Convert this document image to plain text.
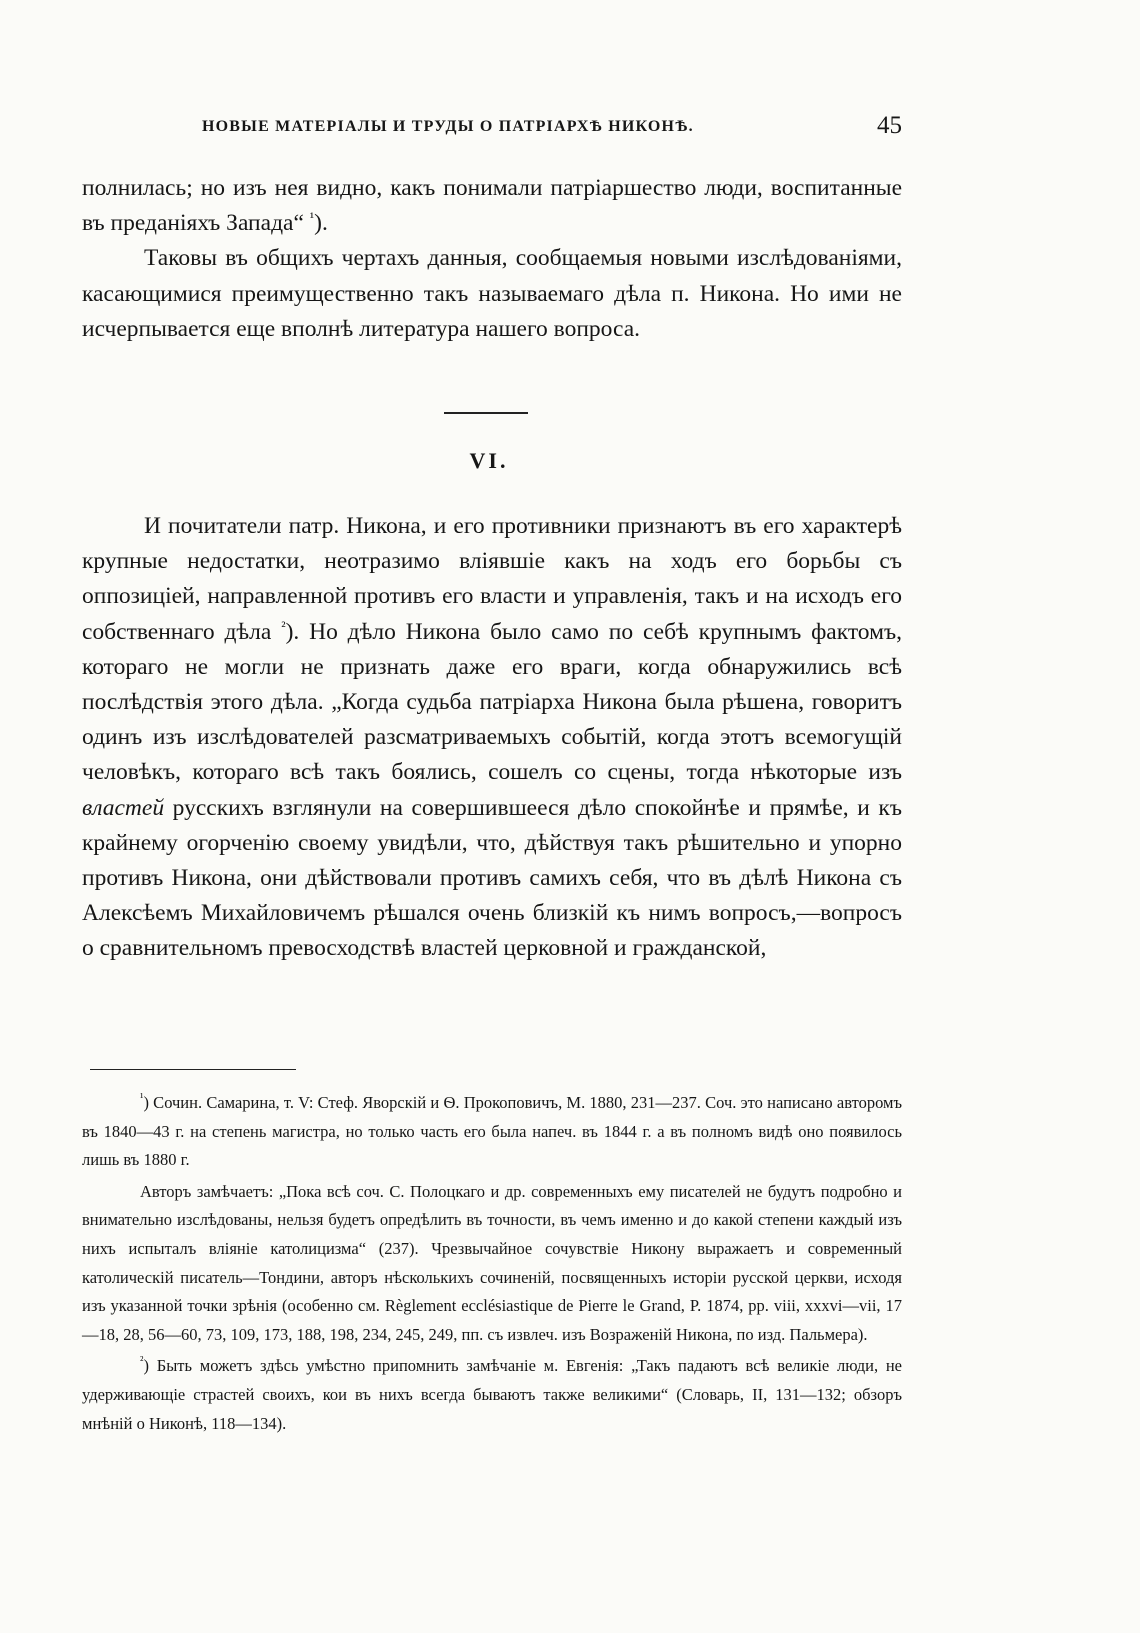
НОВЫЕ МАТЕРІАЛЫ И ТРУДЫ О ПАТРІАРХѢ НИКОНѢ.	45

полнилась; но изъ нея видно, какъ понимали патріаршество люди, воспитанные въ преданіяхъ Запада“ $^{^1}$).

Таковы въ общихъ чертахъ данныя, сообщаемыя новыми изслѣдованіями, касающимися преимущественно такъ называемаго дѣла п. Никона. Но ими не исчерпывается еще вполнѣ литература нашего вопроса.

VI.

И почитатели патр. Никона, и его противники признаютъ въ его характерѣ крупные недостатки, неотразимо вліявшіе какъ на ходъ его борьбы съ оппозиціей, направленной противъ его власти и управленія, такъ и на исходъ его собственнаго дѣла $^{^2}$). Но дѣло Никона было само по себѣ крупнымъ фактомъ, котораго не могли не признать даже его враги, когда обнаружились всѣ послѣдствія этого дѣла. „Когда судьба патріарха Никона была рѣшена, говоритъ одинъ изъ изслѣдователей разсматриваемыхъ событій, когда этотъ всемогущій человѣкъ, котораго всѣ такъ боялись, сошелъ со сцены, тогда нѣкоторые изъ властей русскихъ взглянули на совершившееся дѣло спокойнѣе и прямѣе, и къ крайнему огорченію своему увидѣли, что, дѣйствуя такъ рѣшительно и упорно противъ Никона, они дѣйствовали противъ самихъ себя, что въ дѣлѣ Никона съ Алексѣемъ Михайловичемъ рѣшался очень близкій къ нимъ вопросъ,—вопросъ о сравнительномъ превосходствѣ властей церковной и гражданской,

$^{^1}$) Сочин. Самарина, т. V: Стеф. Яворскій и Ѳ. Прокоповичъ, М. 1880, 231—237. Соч. это написано авторомъ въ 1840—43 г. на степень магистра, но только часть его была напеч. въ 1844 г. а въ полномъ видѣ оно появилось лишь въ 1880 г.

Авторъ замѣчаетъ: „Пока всѣ соч. С. Полоцкаго и др. современныхъ ему писателей не будутъ подробно и внимательно изслѣдованы, нельзя будетъ опредѣлить въ точности, въ чемъ именно и до какой степени каждый изъ нихъ испыталъ вліяніе католицизма“ (237). Чрезвычайное сочувствіе Никону выражаетъ и современный католическій писатель—Тондини, авторъ нѣсколькихъ сочиненій, посвященныхъ исторіи русской церкви, исходя изъ указанной точки зрѣнія (особенно см. Règlement ecclésiastique de Pierre le Grand, P. 1874, pp. viii, xxxvi—vii, 17—18, 28, 56—60, 73, 109, 173, 188, 198, 234, 245, 249, пп. съ извлеч. изъ Возраженій Никона, по изд. Пальмера).

$^{^2}$) Быть можетъ здѣсь умѣстно припомнить замѣчаніе м. Евгенія: „Такъ падаютъ всѣ великіе люди, не удерживающіе страстей своихъ, кои въ нихъ всегда бываютъ также великими“ (Словарь, II, 131—132; обзоръ мнѣній о Никонѣ, 118—134).
